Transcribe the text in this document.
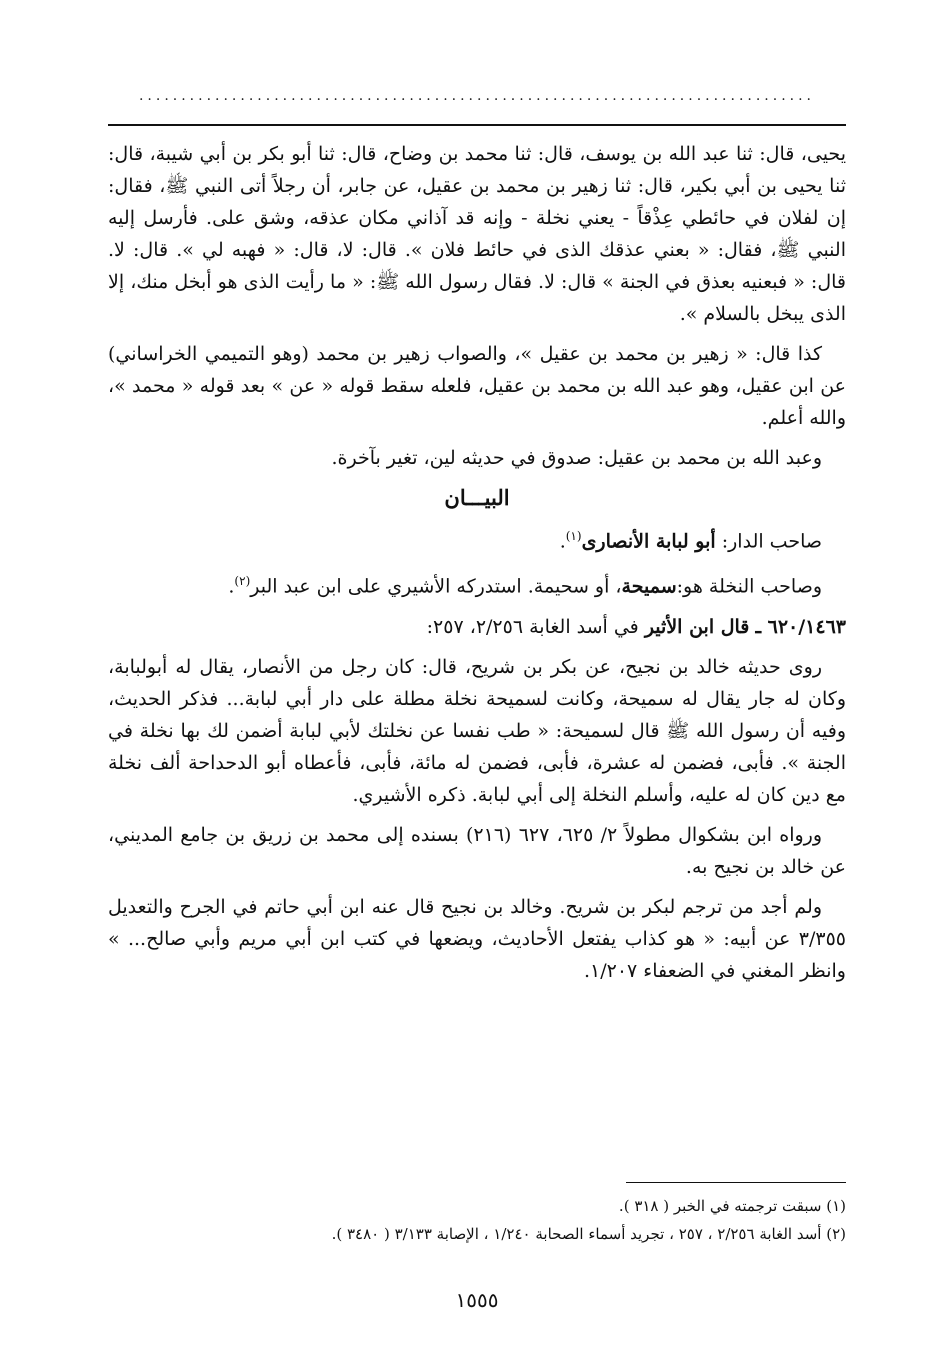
................................................................................

يحيى، قال: ثنا عبد الله بن يوسف، قال: ثنا محمد بن وضاح، قال: ثنا أبو بكر بن أبي شيبة، قال: ثنا يحيى بن أبي بكير، قال: ثنا زهير بن محمد بن عقيل، عن جابر، أن رجلاً أتى النبي ﷺ، فقال: إن لفلان في حائطي عِذْقاً - يعني نخلة - وإنه قد آذاني مكان عذقه، وشق على. فأرسل إليه النبي ﷺ، فقال: « بعني عذقك الذى في حائط فلان ». قال: لا، قال: « فهبه لي ». قال: لا. قال: « فبعنيه بعذق في الجنة » قال: لا. فقال رسول الله ﷺ: « ما رأيت الذى هو أبخل منك، إلا الذى يبخل بالسلام ».

كذا قال: « زهير بن محمد بن عقيل »، والصواب زهير بن محمد (وهو التميمي الخراساني) عن ابن عقيل، وهو عبد الله بن محمد بن عقيل، فلعله سقط قوله « عن » بعد قوله « محمد »، والله أعلم.

وعبد الله بن محمد بن عقيل: صدوق في حديثه لين، تغير بآخرة.

البيـــان

صاحب الدار: أبو لبابة الأنصارى$^{(١)}$.

وصاحب النخلة هو:سميحة، أو سحيمة. استدركه الأشيري على ابن عبد البر$^{(٢)}$.

٦٢٠/١٤٦٣ ـ قال ابن الأثير في أسد الغابة ٢/٢٥٦، ٢٥٧:

روى حديثه خالد بن نجيح، عن بكر بن شريح، قال: كان رجل من الأنصار، يقال له أبولبابة، وكان له جار يقال له سميحة، وكانت لسميحة نخلة مطلة على دار أبي لبابة... فذكر الحديث، وفيه أن رسول الله ﷺ قال لسميحة: « طب نفسا عن نخلتك لأبي لبابة أضمن لك بها نخلة في الجنة ». فأبى، فضمن له عشرة، فأبى، فضمن له مائة، فأبى، فأعطاه أبو الدحداحة ألف نخلة مع دين كان له عليه، وأسلم النخلة إلى أبي لبابة. ذكره الأشيري.

ورواه ابن بشكوال مطولاً ٢/ ٦٢٥، ٦٢٧ (٢١٦) بسنده إلى محمد بن زريق بن جامع المديني، عن خالد بن نجيح به.

ولم أجد من ترجم لبكر بن شريح. وخالد بن نجيح قال عنه ابن أبي حاتم في الجرح والتعديل ٣/٣٥٥ عن أبيه: « هو كذاب يفتعل الأحاديث، ويضعها في كتب ابن أبي مريم وأبي صالح... » وانظر المغني في الضعفاء ١/٢٠٧.

(١) سبقت ترجمته في الخبر ( ٣١٨ ).

(٢) أسد الغابة ٢/٢٥٦ ، ٢٥٧ ، تجريد أسماء الصحابة ١/٢٤٠ ، الإصابة ٣/١٣٣ ( ٣٤٨٠ ).

١٥٥٥
